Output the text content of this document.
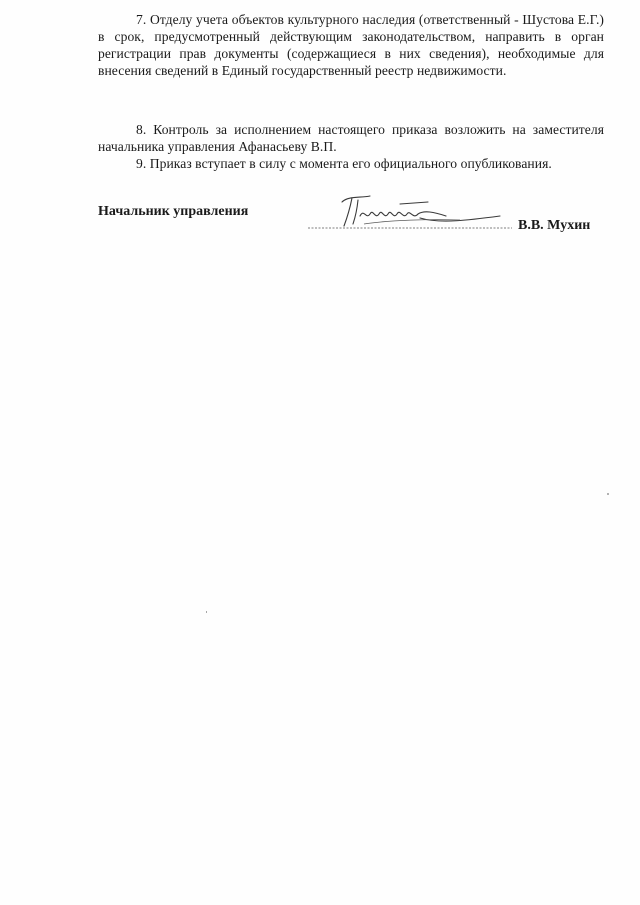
7. Отделу учета объектов культурного наследия (ответственный - Шустова Е.Г.) в срок, предусмотренный действующим законодательством, направить в орган регистрации прав документы (содержащиеся в них сведения), необходимые для внесения сведений в Единый государственный реестр недвижимости.

8. Контроль за исполнением настоящего приказа возложить на заместителя начальника управления Афанасьеву В.П.

9. Приказ вступает в силу с момента его официального опубликования.

Начальник управления
В.В. Мухин
